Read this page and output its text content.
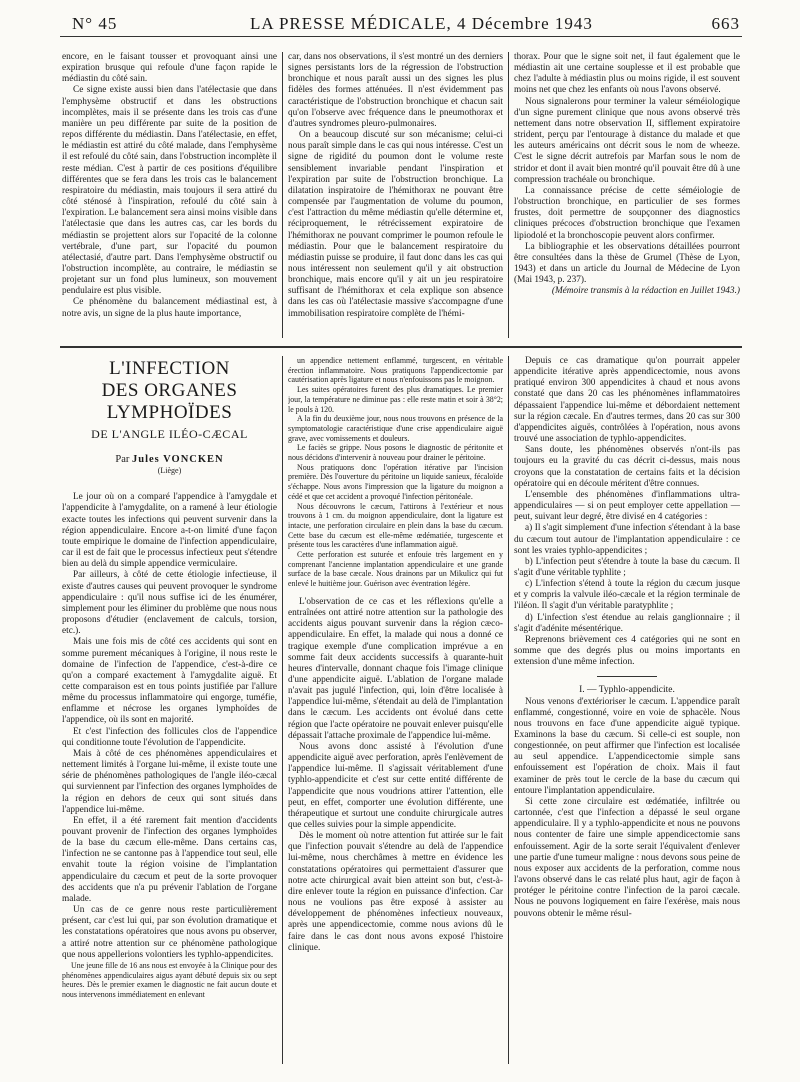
N° 45	LA PRESSE MÉDICALE, 4 Décembre 1943	663

encore, en le faisant tousser et provoquant ainsi une expiration brusque qui refoule d'une façon rapide le médiastin du côté sain.

Ce signe existe aussi bien dans l'atélectasie que dans l'emphysème obstructif et dans les obstructions incomplètes, mais il se présente dans les trois cas d'une manière un peu différente par suite de la position de repos différente du médiastin. Dans l'atélectasie, en effet, le médiastin est attiré du côté malade, dans l'emphysème il est refoulé du côté sain, dans l'obstruction incomplète il reste médian. C'est à partir de ces positions d'équilibre différentes que se fera dans les trois cas le balancement respiratoire du médiastin, mais toujours il sera attiré du côté sténosé à l'inspiration, refoulé du côté sain à l'expiration. Le balancement sera ainsi moins visible dans l'atélectasie que dans les autres cas, car les bords du médiastin se projettent alors sur l'opacité de la colonne vertébrale, d'une part, sur l'opacité du poumon atélectasié, d'autre part. Dans l'emphysème obstructif ou l'obstruction incomplète, au contraire, le médiastin se projetant sur un fond plus lumineux, son mouvement pendulaire est plus visible.

Ce phénomène du balancement médiastinal est, à notre avis, un signe de la plus haute importance,

car, dans nos observations, il s'est montré un des derniers signes persistants lors de la régression de l'obstruction bronchique et nous paraît aussi un des signes les plus fidèles des formes atténuées. Il n'est évidemment pas caractéristique de l'obstruction bronchique et chacun sait qu'on l'observe avec fréquence dans le pneumothorax et d'autres syndromes pleuro-pulmonaires.

On a beaucoup discuté sur son mécanisme; celui-ci nous paraît simple dans le cas qui nous intéresse. C'est un signe de rigidité du poumon dont le volume reste sensiblement invariable pendant l'inspiration et l'expiration par suite de l'obstruction bronchique. La dilatation inspiratoire de l'hémithorax ne pouvant être compensée par l'augmentation de volume du poumon, c'est l'attraction du même médiastin qu'elle détermine et, réciproquement, le rétrécissement expiratoire de l'hémithorax ne pouvant comprimer le poumon refoule le médiastin. Pour que le balancement respiratoire du médiastin puisse se produire, il faut donc dans les cas qui nous intéressent non seulement qu'il y ait obstruction bronchique, mais encore qu'il y ait un jeu respiratoire suffisant de l'hémithorax et cela explique son absence dans les cas où l'atélectasie massive s'accompagne d'une immobilisation respiratoire complète de l'hémi-

thorax. Pour que le signe soit net, il faut également que le médiastin ait une certaine souplesse et il est probable que chez l'adulte à médiastin plus ou moins rigide, il est souvent moins net que chez les enfants où nous l'avons observé.

Nous signalerons pour terminer la valeur séméiologique d'un signe purement clinique que nous avons observé très nettement dans notre observation II, sifflement expiratoire strident, perçu par l'entourage à distance du malade et que les auteurs américains ont décrit sous le nom de wheeze. C'est le signe décrit autrefois par Marfan sous le nom de stridor et dont il avait bien montré qu'il pouvait être dû à une compression trachéale ou bronchique.

La connaissance précise de cette séméiologie de l'obstruction bronchique, en particulier de ses formes frustes, doit permettre de soupçonner des diagnostics cliniques précoces d'obstruction bronchique que l'examen lipiodolé et la bronchoscopie peuvent alors confirmer.

La bibliographie et les observations détaillées pourront être consultées dans la thèse de Grumel (Thèse de Lyon, 1943) et dans un article du Journal de Médecine de Lyon (Mai 1943, p. 237).

(Mémoire transmis à la rédaction en Juillet 1943.)

L'INFECTION
DES ORGANES LYMPHOÏDES
DE L'ANGLE ILÉO-CÆCAL
Par Jules VONCKEN
(Liège)

Le jour où on a comparé l'appendice à l'amygdale et l'appendicite à l'amygdalite, on a ramené à leur étiologie exacte toutes les infections qui peuvent survenir dans la région appendiculaire. Encore a-t-on limité d'une façon toute empirique le domaine de l'infection appendiculaire, car il est de fait que le processus infectieux peut s'étendre bien au delà du simple appendice vermiculaire.

Par ailleurs, à côté de cette étiologie infectieuse, il existe d'autres causes qui peuvent provoquer le syndrome appendiculaire : qu'il nous suffise ici de les énumérer, simplement pour les éliminer du problème que nous nous proposons d'étudier (enclavement de calculs, torsion, etc.).

Mais une fois mis de côté ces accidents qui sont en somme purement mécaniques à l'origine, il nous reste le domaine de l'infection de l'appendice, c'est-à-dire ce qu'on a comparé exactement à l'amygdalite aiguë. Et cette comparaison est en tous points justifiée par l'allure même du processus inflammatoire qui engorge, tuméfie, enflamme et nécrose les organes lymphoïdes de l'appendice, où ils sont en majorité.

Et c'est l'infection des follicules clos de l'appendice qui conditionne toute l'évolution de l'appendicite.

Mais à côté de ces phénomènes appendiculaires et nettement limités à l'organe lui-même, il existe toute une série de phénomènes pathologiques de l'angle iléo-cæcal qui surviennent par l'infection des organes lymphoïdes de la région en dehors de ceux qui sont situés dans l'appendice lui-même.

En effet, il a été rarement fait mention d'accidents pouvant provenir de l'infection des organes lymphoïdes de la base du cæcum elle-même. Dans certains cas, l'infection ne se cantonne pas à l'appendice tout seul, elle envahit toute la région voisine de l'implantation appendiculaire du cæcum et peut de la sorte provoquer des accidents que n'a pu prévenir l'ablation de l'organe malade.

Un cas de ce genre nous reste particulièrement présent, car c'est lui qui, par son évolution dramatique et les constatations opératoires que nous avons pu observer, a attiré notre attention sur ce phénomène pathologique que nous appellerions volontiers les typhlo-appendicites.

Une jeune fille de 16 ans nous est envoyée à la Clinique pour des phénomènes appendiculaires aigus ayant débuté depuis six ou sept heures. Dès le premier examen le diagnostic ne fait aucun doute et nous intervenons immédiatement en enlevant

un appendice nettement enflammé, turgescent, en véritable érection inflammatoire. Nous pratiquons l'appendicectomie par cautérisation après ligature et nous n'enfouissons pas le moignon.

Les suites opératoires furent des plus dramatiques. Le premier jour, la température ne diminue pas : elle reste matin et soir à 38°2; le pouls à 120.

A la fin du deuxième jour, nous nous trouvons en présence de la symptomatologie caractéristique d'une crise appendiculaire aiguë grave, avec vomissements et douleurs.

Le faciès se grippe. Nous posons le diagnostic de péritonite et nous décidons d'intervenir à nouveau pour drainer le péritoine.

Nous pratiquons donc l'opération itérative par l'incision première. Dès l'ouverture du péritoine un liquide sanieux, fécaloïde s'échappe. Nous avons l'impression que la ligature du moignon a cédé et que cet accident a provoqué l'infection péritonéale.

Nous découvrons le cæcum, l'attirons à l'extérieur et nous trouvons à 1 cm. du moignon appendiculaire, dont la ligature est intacte, une perforation circulaire en plein dans la base du cæcum. Cette base du cæcum est elle-même œdématiée, turgescente et présente tous les caractères d'une inflammation aiguë.

Cette perforation est suturée et enfouie très largement en y comprenant l'ancienne implantation appendiculaire et une grande surface de la base cæcale. Nous drainons par un Mikulicz qui fut enlevé le huitième jour. Guérison avec éventration légère.

L'observation de ce cas et les réflexions qu'elle a entraînées ont attiré notre attention sur la pathologie des accidents aigus pouvant survenir dans la région cæco-appendiculaire. En effet, la malade qui nous a donné ce tragique exemple d'une complication imprévue a en somme fait deux accidents successifs à quarante-huit heures d'intervalle, donnant chaque fois l'image clinique d'une appendicite aiguë. L'ablation de l'organe malade n'avait pas jugulé l'infection, qui, loin d'être localisée à l'appendice lui-même, s'étendait au delà de l'implantation dans le cæcum. Les accidents ont évolué dans cette région que l'acte opératoire ne pouvait enlever puisqu'elle dépassait l'attache proximale de l'appendice lui-même.

Nous avons donc assisté à l'évolution d'une appendicite aiguë avec perforation, après l'enlèvement de l'appendice lui-même. Il s'agissait véritablement d'une typhlo-appendicite et c'est sur cette entité différente de l'appendicite que nous voudrions attirer l'attention, elle peut, en effet, comporter une évolution différente, une thérapeutique et surtout une conduite chirurgicale autres que celles suivies pour la simple appendicite.

Dès le moment où notre attention fut attirée sur le fait que l'infection pouvait s'étendre au delà de l'appendice lui-même, nous cherchâmes à mettre en évidence les constatations opératoires qui permettaient d'assurer que notre acte chirurgical avait bien atteint son but, c'est-à-dire enlever toute la région en puissance d'infection. Car nous ne voulions pas être exposé à assister au développement de phénomènes infectieux nouveaux, après une appendicectomie, comme nous avions dû le faire dans le cas dont nous avons exposé l'histoire clinique.

Depuis ce cas dramatique qu'on pourrait appeler appendicite itérative après appendicectomie, nous avons pratiqué environ 300 appendicites à chaud et nous avons constaté que dans 20 cas les phénomènes inflammatoires dépassaient l'appendice lui-même et débordaient nettement sur la région cæcale. En d'autres termes, dans 20 cas sur 300 d'appendicites aiguës, contrôlées à l'opération, nous avons trouvé une association de typhlo-appendicites.

Sans doute, les phénomènes observés n'ont-ils pas toujours eu la gravité du cas décrit ci-dessus, mais nous croyons que la constatation de certains faits et la décision opératoire qui en découle méritent d'être connues.

L'ensemble des phénomènes d'inflammations ultra-appendiculaires — si on peut employer cette appellation — peut, suivant leur degré, être divisé en 4 catégories :

a) Il s'agit simplement d'une infection s'étendant à la base du cæcum tout autour de l'implantation appendiculaire : ce sont les vraies typhlo-appendicites ;

b) L'infection peut s'étendre à toute la base du cæcum. Il s'agit d'une véritable typhlite ;

c) L'infection s'étend à toute la région du cæcum jusque et y compris la valvule iléo-cæcale et la région terminale de l'iléon. Il s'agit d'un véritable paratyphlite ;

d) L'infection s'est étendue au relais ganglionnaire ; il s'agit d'adénite mésentérique.

Reprenons brièvement ces 4 catégories qui ne sont en somme que des degrés plus ou moins importants en extension d'une même infection.

I. — Typhlo-appendicite.

Nous venons d'extérioriser le cæcum. L'appendice paraît enflammé, congestionné, voire en voie de sphacèle. Nous nous trouvons en face d'une appendicite aiguë typique. Examinons la base du cæcum. Si celle-ci est souple, non congestionnée, on peut affirmer que l'infection est localisée au seul appendice. L'appendicectomie simple sans enfouissement est l'opération de choix. Mais il faut examiner de près tout le cercle de la base du cæcum qui entoure l'implantation appendiculaire.

Si cette zone circulaire est œdématiée, infiltrée ou cartonnée, c'est que l'infection a dépassé le seul organe appendiculaire. Il y a typhlo-appendicite et nous ne pouvons nous contenter de faire une simple appendicectomie sans enfouissement. Agir de la sorte serait l'équivalent d'enlever une partie d'une tumeur maligne : nous devons sous peine de nous exposer aux accidents de la perforation, comme nous l'avons observé dans le cas relaté plus haut, agir de façon à protéger le péritoine contre l'infection de la paroi cæcale. Nous ne pouvons logiquement en faire l'exérèse, mais nous pouvons obtenir le même résul-
